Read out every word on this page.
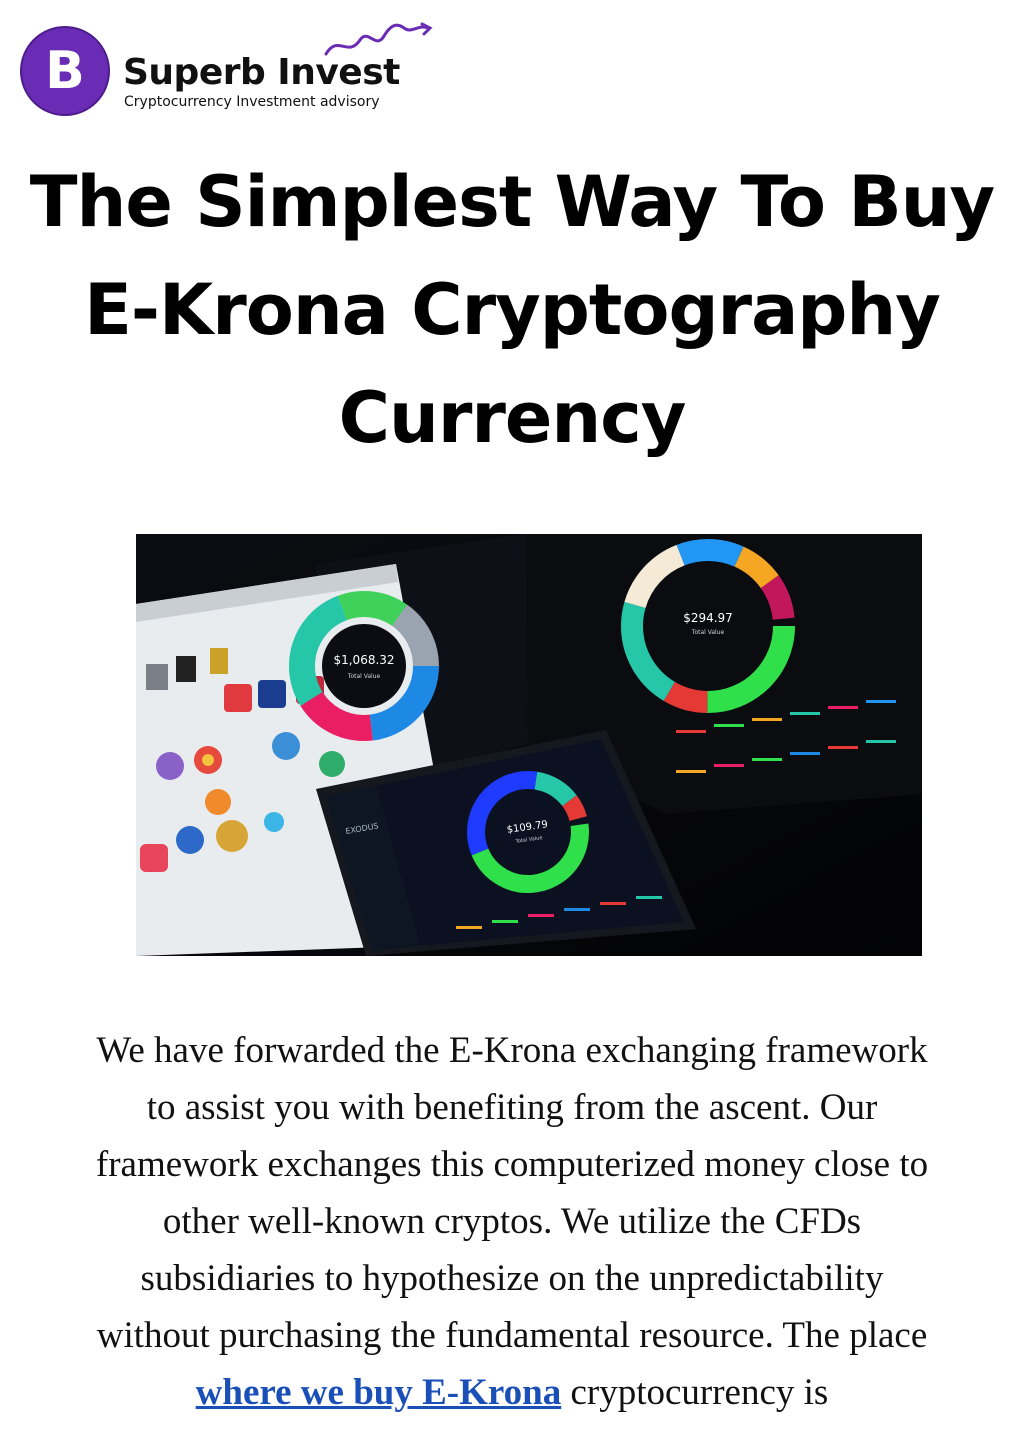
B Superb Invest
Cryptocurrency Investment advisory
The Simplest Way To Buy
E-Krona Cryptography
Currency
$1,068.32
Total Value
$294.97
Total Value
EXODUS	$109.79
Total Value
We have forwarded the E-Krona exchanging framework
to assist you with benefiting from the ascent. Our
framework exchanges this computerized money close to
other well-known cryptos. We utilize the CFDs
subsidiaries to hypothesize on the unpredictability
without purchasing the fundamental resource. The place
where we buy E-Krona cryptocurrency is
